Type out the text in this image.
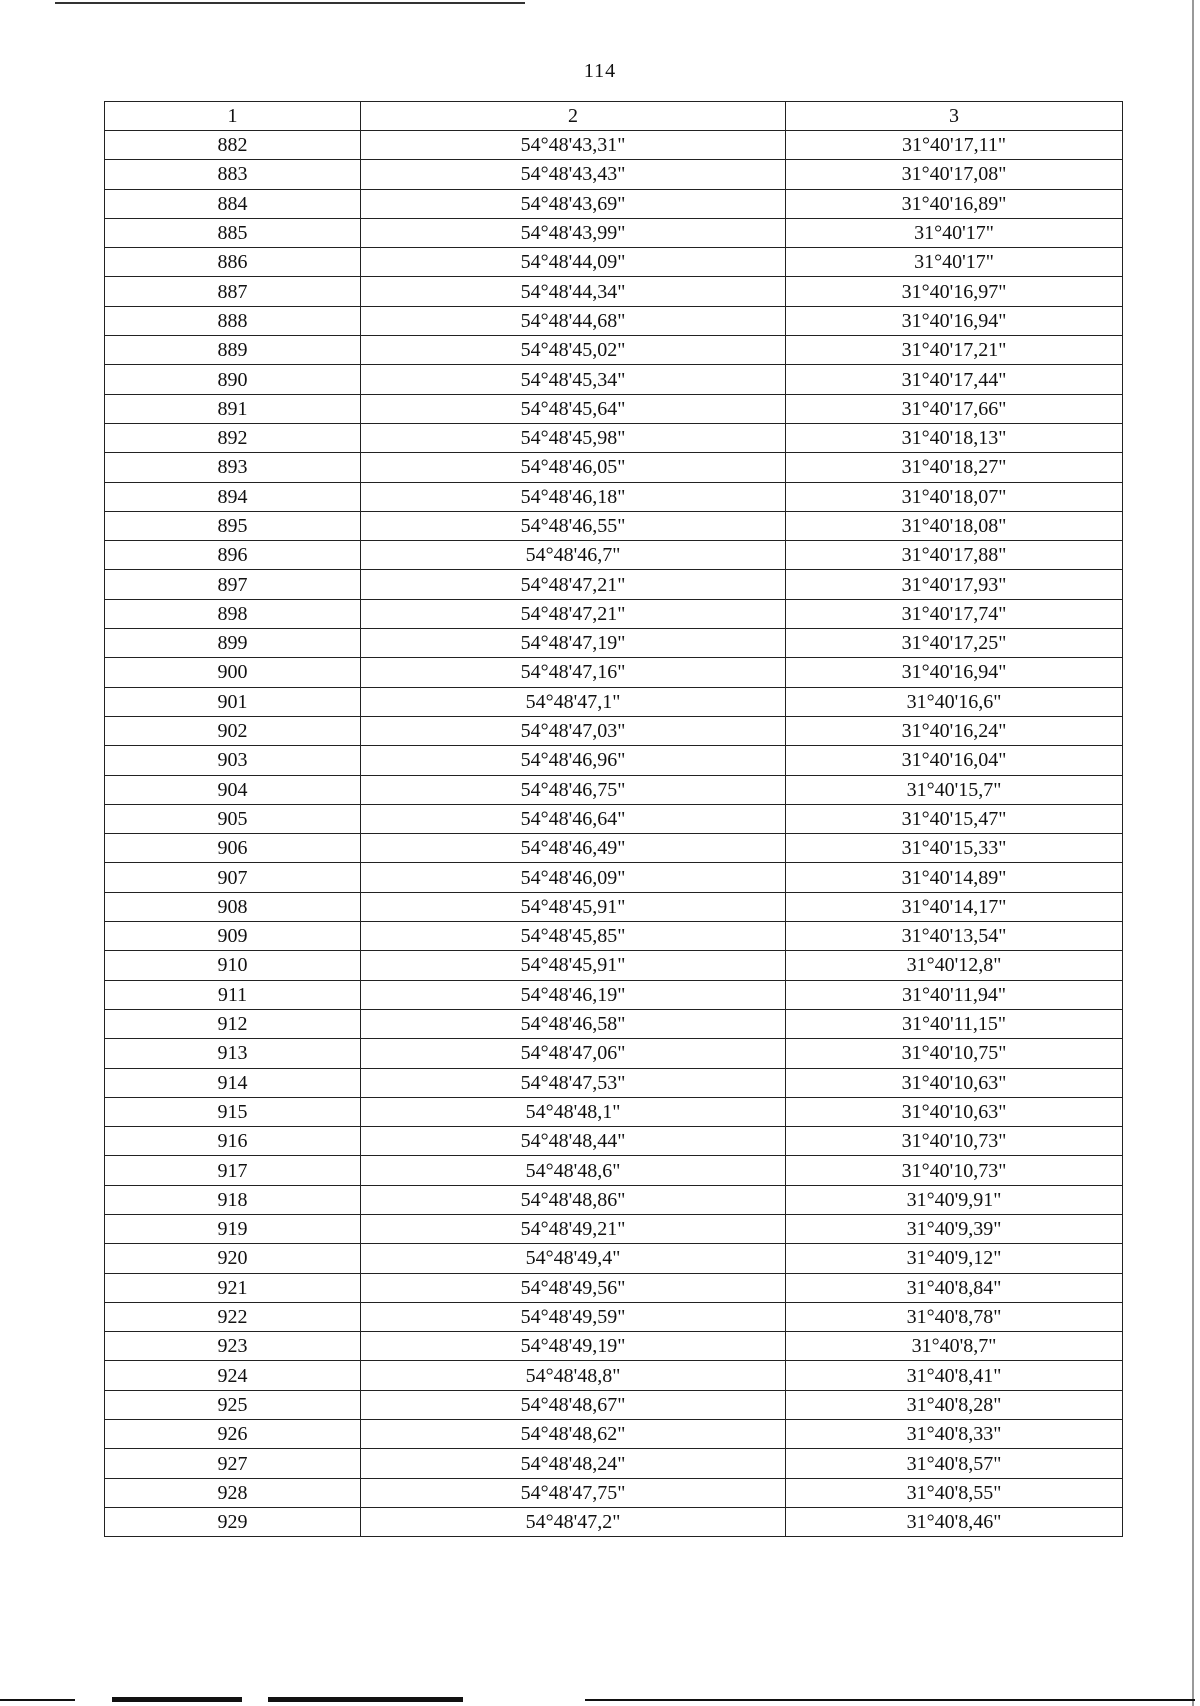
114
1	2	3
882	54°48'43,31"	31°40'17,11"
883	54°48'43,43"	31°40'17,08"
884	54°48'43,69"	31°40'16,89"
885	54°48'43,99"	31°40'17"
886	54°48'44,09"	31°40'17"
887	54°48'44,34"	31°40'16,97"
888	54°48'44,68"	31°40'16,94"
889	54°48'45,02"	31°40'17,21"
890	54°48'45,34"	31°40'17,44"
891	54°48'45,64"	31°40'17,66"
892	54°48'45,98"	31°40'18,13"
893	54°48'46,05"	31°40'18,27"
894	54°48'46,18"	31°40'18,07"
895	54°48'46,55"	31°40'18,08"
896	54°48'46,7"	31°40'17,88"
897	54°48'47,21"	31°40'17,93"
898	54°48'47,21"	31°40'17,74"
899	54°48'47,19"	31°40'17,25"
900	54°48'47,16"	31°40'16,94"
901	54°48'47,1"	31°40'16,6"
902	54°48'47,03"	31°40'16,24"
903	54°48'46,96"	31°40'16,04"
904	54°48'46,75"	31°40'15,7"
905	54°48'46,64"	31°40'15,47"
906	54°48'46,49"	31°40'15,33"
907	54°48'46,09"	31°40'14,89"
908	54°48'45,91"	31°40'14,17"
909	54°48'45,85"	31°40'13,54"
910	54°48'45,91"	31°40'12,8"
911	54°48'46,19"	31°40'11,94"
912	54°48'46,58"	31°40'11,15"
913	54°48'47,06"	31°40'10,75"
914	54°48'47,53"	31°40'10,63"
915	54°48'48,1"	31°40'10,63"
916	54°48'48,44"	31°40'10,73"
917	54°48'48,6"	31°40'10,73"
918	54°48'48,86"	31°40'9,91"
919	54°48'49,21"	31°40'9,39"
920	54°48'49,4"	31°40'9,12"
921	54°48'49,56"	31°40'8,84"
922	54°48'49,59"	31°40'8,78"
923	54°48'49,19"	31°40'8,7"
924	54°48'48,8"	31°40'8,41"
925	54°48'48,67"	31°40'8,28"
926	54°48'48,62"	31°40'8,33"
927	54°48'48,24"	31°40'8,57"
928	54°48'47,75"	31°40'8,55"
929	54°48'47,2"	31°40'8,46"
